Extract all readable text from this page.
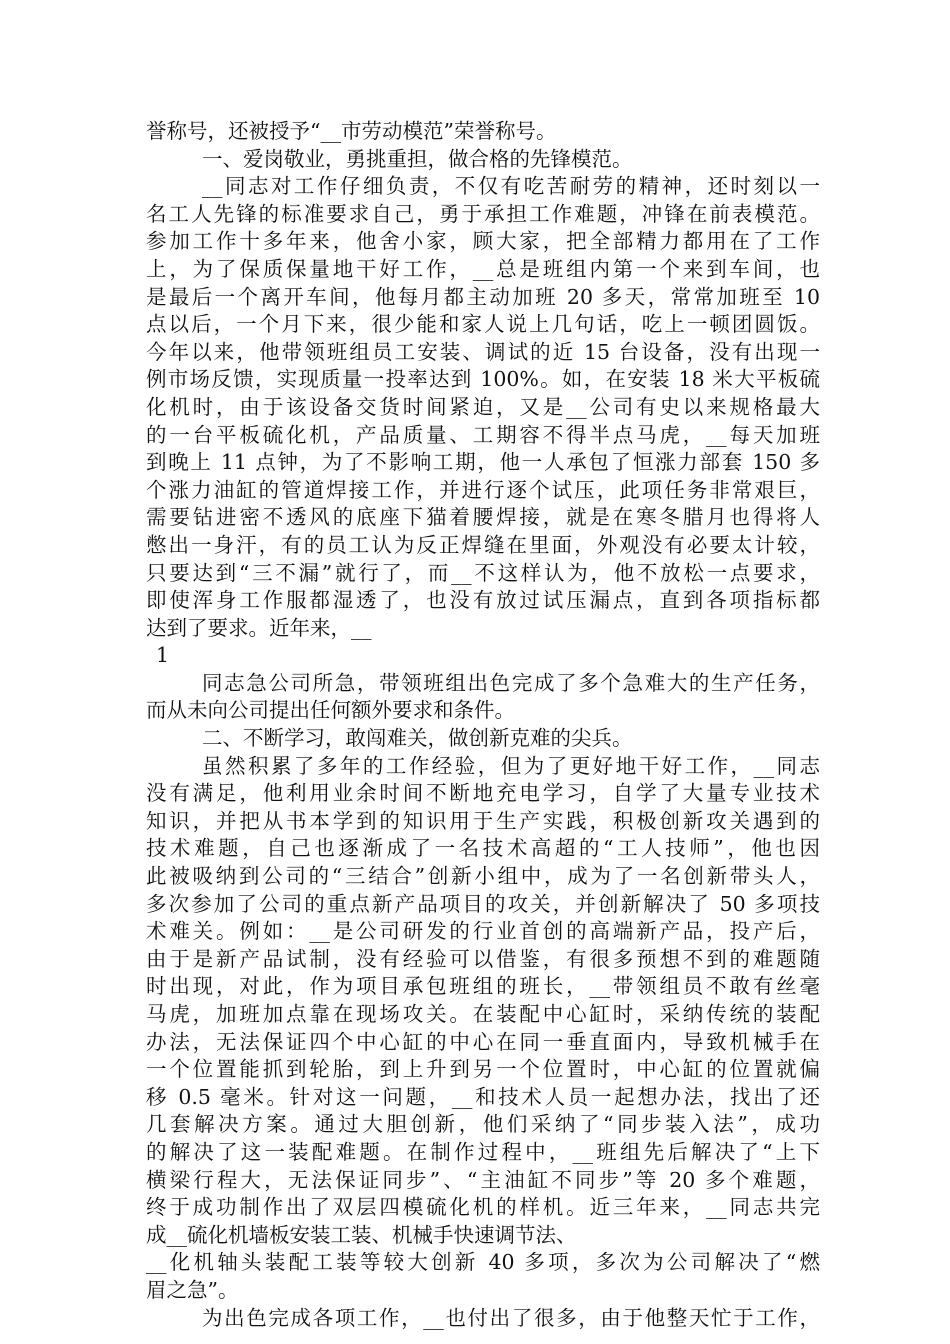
誉称号，还被授予“__市劳动模范”荣誉称号。
一、爱岗敬业，勇挑重担，做合格的先锋模范。
__同志对工作仔细负责，不仅有吃苦耐劳的精神，还时刻以一
名工人先锋的标准要求自己，勇于承担工作难题，冲锋在前表模范。
参加工作十多年来，他舍小家，顾大家，把全部精力都用在了工作
上，为了保质保量地干好工作，__总是班组内第一个来到车间，也
是最后一个离开车间，他每月都主动加班 20 多天，常常加班至 10
点以后，一个月下来，很少能和家人说上几句话，吃上一顿团圆饭。
今年以来，他带领班组员工安装、调试的近 15 台设备，没有出现一
例市场反馈，实现质量一投率达到 100%。如，在安装 18 米大平板硫
化机时，由于该设备交货时间紧迫，又是__公司有史以来规格最大
的一台平板硫化机，产品质量、工期容不得半点马虎，__每天加班
到晚上 11 点钟，为了不影响工期，他一人承包了恒涨力部套 150 多
个涨力油缸的管道焊接工作，并进行逐个试压，此项任务非常艰巨，
需要钻进密不透风的底座下猫着腰焊接，就是在寒冬腊月也得将人
憋出一身汗，有的员工认为反正焊缝在里面，外观没有必要太计较，
只要达到“三不漏”就行了，而__不这样认为，他不放松一点要求，
即使浑身工作服都湿透了，也没有放过试压漏点，直到各项指标都
达到了要求。近年来，__
1
同志急公司所急，带领班组出色完成了多个急难大的生产任务，
而从未向公司提出任何额外要求和条件。
二、不断学习，敢闯难关，做创新克难的尖兵。
虽然积累了多年的工作经验，但为了更好地干好工作，__同志
没有满足，他利用业余时间不断地充电学习，自学了大量专业技术
知识，并把从书本学到的知识用于生产实践，积极创新攻关遇到的
技术难题，自己也逐渐成了一名技术高超的“工人技师”，他也因
此被吸纳到公司的“三结合”创新小组中，成为了一名创新带头人，
多次参加了公司的重点新产品项目的攻关，并创新解决了 50 多项技
术难关。例如：__是公司研发的行业首创的高端新产品，投产后，
由于是新产品试制，没有经验可以借鉴，有很多预想不到的难题随
时出现，对此，作为项目承包班组的班长，__带领组员不敢有丝毫
马虎，加班加点靠在现场攻关。在装配中心缸时，采纳传统的装配
办法，无法保证四个中心缸的中心在同一垂直面内，导致机械手在
一个位置能抓到轮胎，到上升到另一个位置时，中心缸的位置就偏
移 0.5 毫米。针对这一问题，__和技术人员一起想办法，找出了还
几套解决方案。通过大胆创新，他们采纳了“同步装入法”，成功
的解决了这一装配难题。在制作过程中，__班组先后解决了“上下
横梁行程大，无法保证同步”、“主油缸不同步”等 20 多个难题，
终于成功制作出了双层四模硫化机的样机。近三年来，__同志共完
成__硫化机墙板安装工装、机械手快速调节法、
__化机轴头装配工装等较大创新 40 多项，多次为公司解决了“燃
眉之急”。
为出色完成各项工作，__也付出了很多，由于他整天忙于工作，
